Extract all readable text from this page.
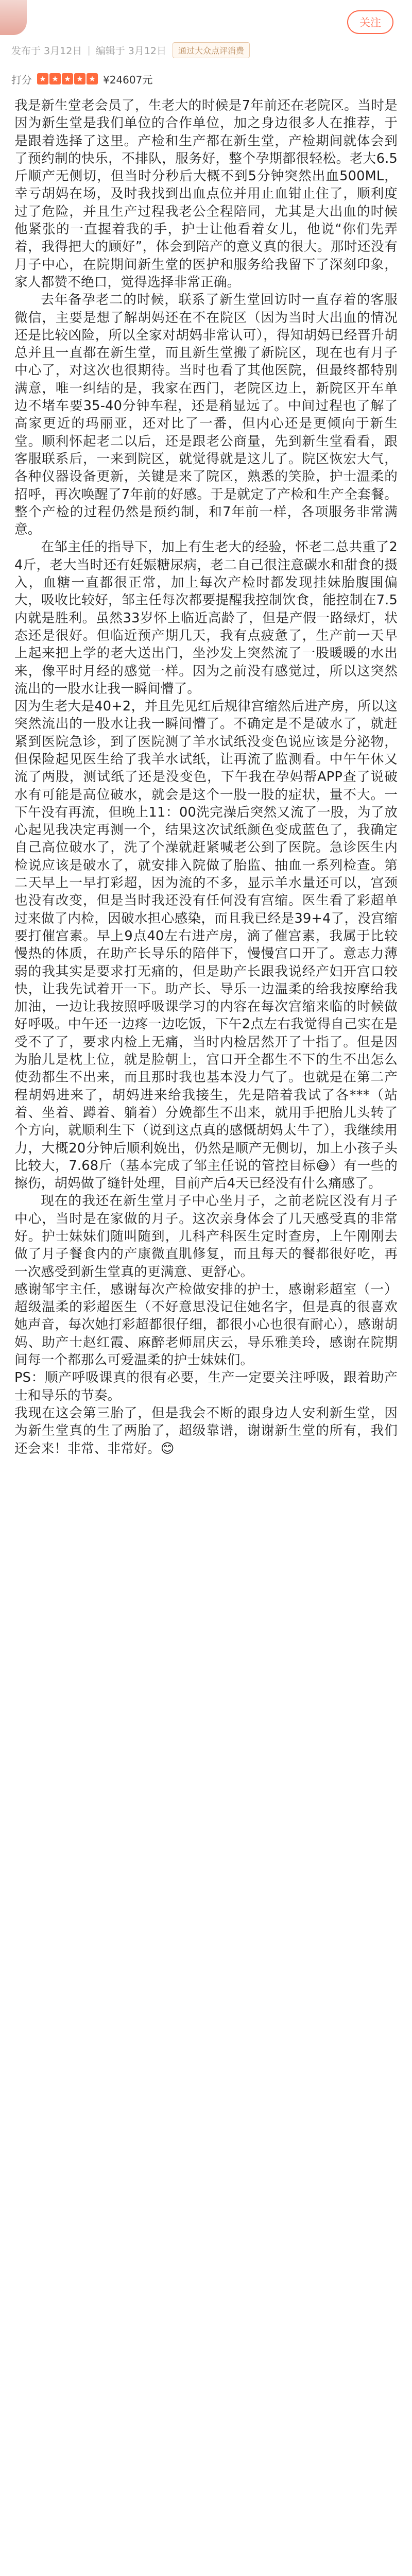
关注
发布于 3月12日 | 编辑于 3月12日	通过大众点评消费
打分 ★ ★ ★ ★ ★ ¥24607元

我是新生堂老会员了，生老大的时候是7年前还在老院区。当时是因为新生堂是我们单位的合作单位，加之身边很多人在推荐，于是跟着选择了这里。产检和生产都在新生堂，产检期间就体会到了预约制的快乐，不排队，服务好，整个孕期都很轻松。老大6.5斤顺产无侧切，但当时分秒后大概不到5分钟突然出血500ML，幸亏胡妈在场，及时我找到出血点位并用止血钳止住了，顺利度过了危险，并且生产过程我老公全程陪同，尤其是大出血的时候他紧张的一直握着我的手，护士让他看着女儿，他说“你们先弄着，我得把大的顾好”，体会到陪产的意义真的很大。那时还没有月子中心，在院期间新生堂的医护和服务给我留下了深刻印象，家人都赞不绝口，觉得选择非常正确。

去年备孕老二的时候，联系了新生堂回访时一直存着的客服微信，主要是想了解胡妈还在不在院区（因为当时大出血的情况还是比较凶险，所以全家对胡妈非常认可），得知胡妈已经晋升胡总并且一直都在新生堂，而且新生堂搬了新院区，现在也有月子中心了，对这次也很期待。当时也看了其他医院，但最终都特别满意，唯一纠结的是，我家在西门，老院区边上，新院区开车单边不堵车要35-40分钟车程，还是稍显远了。中间过程也了解了高家更近的玛丽亚，还对比了一番，但内心还是更倾向于新生堂。顺利怀起老二以后，还是跟老公商量，先到新生堂看看，跟客服联系后，一来到院区，就觉得就是这儿了。院区恢宏大气，各种仪器设备更新，关键是来了院区，熟悉的笑脸，护士温柔的招呼，再次唤醒了7年前的好感。于是就定了产检和生产全套餐。整个产检的过程仍然是预约制，和7年前一样，各项服务非常满意。

在邹主任的指导下，加上有生老大的经验，怀老二总共重了24斤，老大当时还有妊娠糖尿病，老二自己很注意碳水和甜食的摄入，血糖一直都很正常，加上每次产检时都发现挂妹胎腹围偏大，吸收比较好，邹主任每次都要提醒我控制饮食，能控制在7.5内就是胜利。虽然33岁怀上临近高龄了，但是产假一路绿灯，状态还是很好。但临近预产期几天，我有点疲惫了，生产前一天早上起来把上学的老大送出门，坐沙发上突然流了一股暖暖的水出来，像平时月经的感觉一样。因为之前没有感觉过，所以这突然流出的一股水让我一瞬间懵了。

因为生老大是40+2，并且先见红后规律宫缩然后进产房，所以这突然流出的一股水让我一瞬间懵了。不确定是不是破水了，就赶紧到医院急诊，到了医院测了羊水试纸没变色说应该是分泌物，但保险起见医生给了我羊水试纸，让再流了监测看。中午午休又流了两股，测试纸了还是没变色，下午我在孕妈帮APP查了说破水有可能是高位破水，就会是这个一股一股的症状，量不大。一下午没有再流，但晚上11：00洗完澡后突然又流了一股，为了放心起见我决定再测一个，结果这次试纸颜色变成蓝色了，我确定自己高位破水了，洗了个澡就赶紧喊老公到了医院。急诊医生内检说应该是破水了，就安排入院做了胎监、抽血一系列检查。第二天早上一早打彩超，因为流的不多，显示羊水量还可以，宫颈也没有改变，但是当时我还没有任何没有宫缩。医生看了彩超单过来做了内检，因破水担心感染，而且我已经是39+4了，没宫缩要打催宫素。早上9点40左右进产房，滴了催宫素，我属于比较慢热的体质，在助产长导乐的陪伴下，慢慢宫口开了。意志力薄弱的我其实是要求打无痛的，但是助产长跟我说经产妇开宫口较快，让我先试着开一下。助产长、导乐一边温柔的给我按摩给我加油，一边让我按照呼吸课学习的内容在每次宫缩来临的时候做好呼吸。中午还一边疼一边吃饭，下午2点左右我觉得自己实在是受不了了，要求内检上无痛，当时内检居然开了十指了。但是因为胎儿是枕上位，就是脸朝上，宫口开全都生不下的生不出怎么使劲都生不出来，而且那时我也基本没力气了。也就是在第二产程胡妈进来了，胡妈进来给我接生，先是陪着我试了各***（站着、坐着、蹲着、躺着）分娩都生不出来，就用手把胎儿头转了个方向，就顺利生下（说到这点真的感慨胡妈太牛了），我继续用力，大概20分钟后顺利娩出，仍然是顺产无侧切，加上小孩子头比较大，7.68斤（基本完成了邹主任说的管控目标😅）有一些的擦伤，胡妈做了缝针处理，目前产后4天已经没有什么痛感了。

现在的我还在新生堂月子中心坐月子，之前老院区没有月子中心，当时是在家做的月子。这次亲身体会了几天感受真的非常好。护士妹妹们随叫随到，儿科产科医生定时查房，上午刚刚去做了月子餐食内的产康微直肌修复，而且每天的餐都很好吃，再一次感受到新生堂真的更满意、更舒心。

感谢邹宇主任，感谢每次产检做安排的护士，感谢彩超室（一）超级温柔的彩超医生（不好意思没记住她名字，但是真的很喜欢她声音，每次她打彩超都很仔细，都很小心也很有耐心），感谢胡妈、助产士赵红霞、麻醉老师屈庆云，导乐雅美玲，感谢在院期间每一个都那么可爱温柔的护士妹妹们。

PS：顺产呼吸课真的很有必要，生产一定要关注呼吸，跟着助产士和导乐的节奏。

我现在这会第三胎了，但是我会不断的跟身边人安利新生堂，因为新生堂真的生了两胎了，超级靠谱，谢谢新生堂的所有，我们还会来！非常、非常好。😊
